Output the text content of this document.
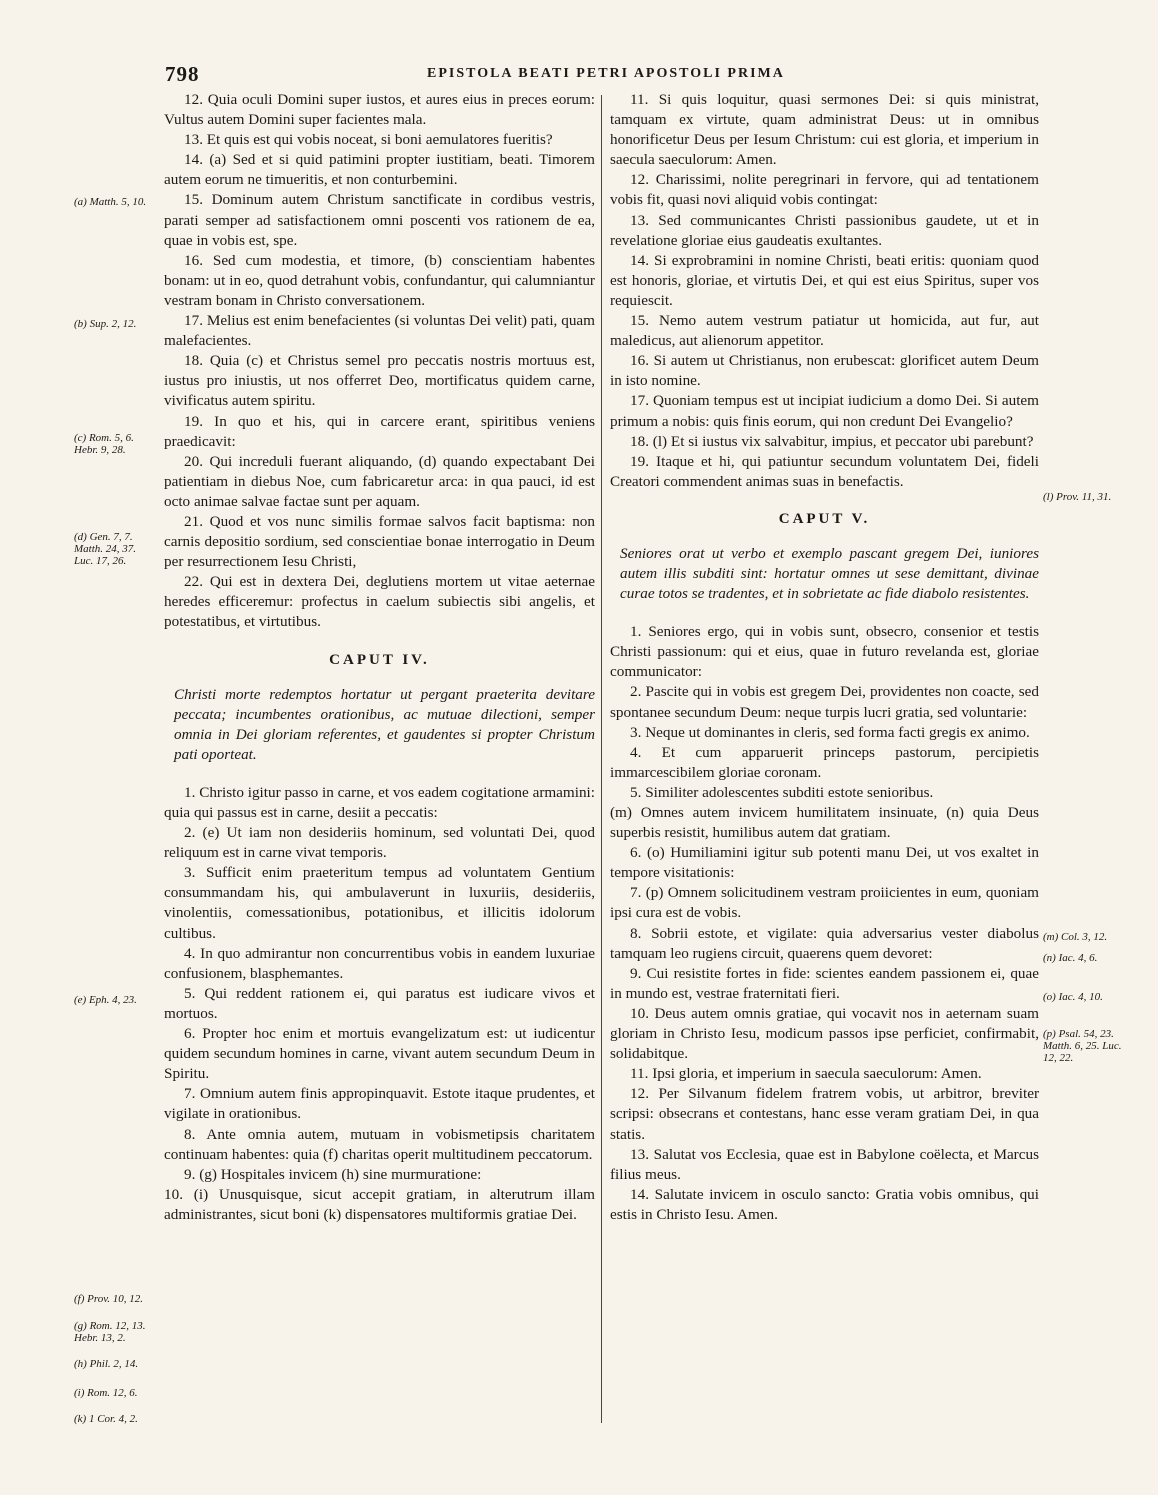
798	EPISTOLA BEATI PETRI APOSTOLI PRIMA

12. Quia oculi Domini super iustos, et aures eius in preces eorum: Vultus autem Domini super facientes mala.

13. Et quis est qui vobis noceat, si boni aemulatores fueritis?

14. (a) Sed et si quid patimini propter iustitiam, beati. Timorem autem eorum ne timueritis, et non conturbemini.

15. Dominum autem Christum sanctificate in cordibus vestris, parati semper ad satisfactionem omni poscenti vos rationem de ea, quae in vobis est, spe.

16. Sed cum modestia, et timore, (b) conscientiam habentes bonam: ut in eo, quod detrahunt vobis, confundantur, qui calumniantur vestram bonam in Christo conversationem.

17. Melius est enim benefacientes (si voluntas Dei velit) pati, quam malefacientes.

18. Quia (c) et Christus semel pro peccatis nostris mortuus est, iustus pro iniustis, ut nos offerret Deo, mortificatus quidem carne, vivificatus autem spiritu.

19. In quo et his, qui in carcere erant, spiritibus veniens praedicavit:

20. Qui increduli fuerant aliquando, (d) quando expectabant Dei patientiam in diebus Noe, cum fabricaretur arca: in qua pauci, id est octo animae salvae factae sunt per aquam.

21. Quod et vos nunc similis formae salvos facit baptisma: non carnis depositio sordium, sed conscientiae bonae interrogatio in Deum per resurrectionem Iesu Christi,

22. Qui est in dextera Dei, deglutiens mortem ut vitae aeternae heredes efficeremur: profectus in caelum subiectis sibi angelis, et potestatibus, et virtutibus.

CAPUT IV.

Christi morte redemptos hortatur ut pergant praeterita devitare peccata; incumbentes orationibus, ac mutuae dilectioni, semper omnia in Dei gloriam referentes, et gaudentes si propter Christum pati oporteat.

1. Christo igitur passo in carne, et vos eadem cogitatione armamini: quia qui passus est in carne, desiit a peccatis:

2. (e) Ut iam non desideriis hominum, sed voluntati Dei, quod reliquum est in carne vivat temporis.

3. Sufficit enim praeteritum tempus ad voluntatem Gentium consummandam his, qui ambulaverunt in luxuriis, desideriis, vinolentiis, comessationibus, potationibus, et illicitis idolorum cultibus.

4. In quo admirantur non concurrentibus vobis in eandem luxuriae confusionem, blasphemantes.

5. Qui reddent rationem ei, qui paratus est iudicare vivos et mortuos.

6. Propter hoc enim et mortuis evangelizatum est: ut iudicentur quidem secundum homines in carne, vivant autem secundum Deum in Spiritu.

7. Omnium autem finis appropinquavit. Estote itaque prudentes, et vigilate in orationibus.

8. Ante omnia autem, mutuam in vobismetipsis charitatem continuam habentes: quia (f) charitas operit multitudinem peccatorum.

9. (g) Hospitales invicem (h) sine murmuratione:

10. (i) Unusquisque, sicut accepit gratiam, in alterutrum illam administrantes, sicut boni (k) dispensatores multiformis gratiae Dei.

11. Si quis loquitur, quasi sermones Dei: si quis ministrat, tamquam ex virtute, quam administrat Deus: ut in omnibus honorificetur Deus per Iesum Christum: cui est gloria, et imperium in saecula saeculorum: Amen.

12. Charissimi, nolite peregrinari in fervore, qui ad tentationem vobis fit, quasi novi aliquid vobis contingat:

13. Sed communicantes Christi passionibus gaudete, ut et in revelatione gloriae eius gaudeatis exultantes.

14. Si exprobramini in nomine Christi, beati eritis: quoniam quod est honoris, gloriae, et virtutis Dei, et qui est eius Spiritus, super vos requiescit.

15. Nemo autem vestrum patiatur ut homicida, aut fur, aut maledicus, aut alienorum appetitor.

16. Si autem ut Christianus, non erubescat: glorificet autem Deum in isto nomine.

17. Quoniam tempus est ut incipiat iudicium a domo Dei. Si autem primum a nobis: quis finis eorum, qui non credunt Dei Evangelio?

18. (l) Et si iustus vix salvabitur, impius, et peccator ubi parebunt?

19. Itaque et hi, qui patiuntur secundum voluntatem Dei, fideli Creatori commendent animas suas in benefactis.

CAPUT V.

Seniores orat ut verbo et exemplo pascant gregem Dei, iuniores autem illis subditi sint: hortatur omnes ut sese demittant, divinae curae totos se tradentes, et in sobrietate ac fide diabolo resistentes.

1. Seniores ergo, qui in vobis sunt, obsecro, consenior et testis Christi passionum: qui et eius, quae in futuro revelanda est, gloriae communicator:

2. Pascite qui in vobis est gregem Dei, providentes non coacte, sed spontanee secundum Deum: neque turpis lucri gratia, sed voluntarie:

3. Neque ut dominantes in cleris, sed forma facti gregis ex animo.

4. Et cum apparuerit princeps pastorum, percipietis immarcescibilem gloriae coronam.

5. Similiter adolescentes subditi estote senioribus.

(m) Omnes autem invicem humilitatem insinuate, (n) quia Deus superbis resistit, humilibus autem dat gratiam.

6. (o) Humiliamini igitur sub potenti manu Dei, ut vos exaltet in tempore visitationis:

7. (p) Omnem solicitudinem vestram proiicientes in eum, quoniam ipsi cura est de vobis.

8. Sobrii estote, et vigilate: quia adversarius vester diabolus tamquam leo rugiens circuit, quaerens quem devoret:

9. Cui resistite fortes in fide: scientes eandem passionem ei, quae in mundo est, vestrae fraternitati fieri.

10. Deus autem omnis gratiae, qui vocavit nos in aeternam suam gloriam in Christo Iesu, modicum passos ipse perficiet, confirmabit, solidabitque.

11. Ipsi gloria, et imperium in saecula saeculorum: Amen.

12. Per Silvanum fidelem fratrem vobis, ut arbitror, breviter scripsi: obsecrans et contestans, hanc esse veram gratiam Dei, in qua statis.

13. Salutat vos Ecclesia, quae est in Babylone coëlecta, et Marcus filius meus.

14. Salutate invicem in osculo sancto: Gratia vobis omnibus, qui estis in Christo Iesu. Amen.

(a) Matth. 5, 10.
(b) Sup. 2, 12.
(c) Rom. 5, 6. Hebr. 9, 28.
(d) Gen. 7, 7. Matth. 24, 37. Luc. 17, 26.
(e) Eph. 4, 23.
(f) Prov. 10, 12.
(g) Rom. 12, 13. Hebr. 13, 2.
(h) Phil. 2, 14.
(i) Rom. 12, 6.
(k) 1 Cor. 4, 2.
(l) Prov. 11, 31.
(m) Col. 3, 12.
(n) Iac. 4, 6.
(o) Iac. 4, 10.
(p) Psal. 54, 23. Matth. 6, 25. Luc. 12, 22.
